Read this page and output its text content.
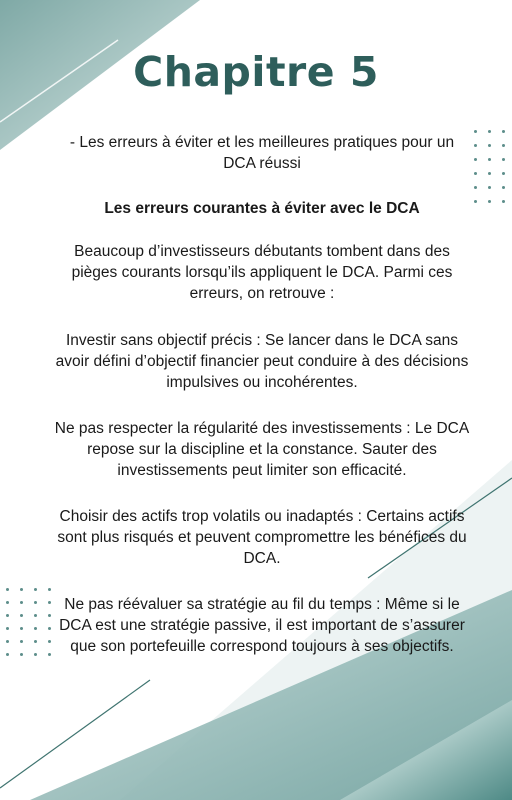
Chapitre 5

- Les erreurs à éviter et les meilleures pratiques pour un DCA réussi

Les erreurs courantes à éviter avec le DCA

Beaucoup d’investisseurs débutants tombent dans des pièges courants lorsqu’ils appliquent le DCA. Parmi ces erreurs, on retrouve :

Investir sans objectif précis : Se lancer dans le DCA sans avoir défini d’objectif financier peut conduire à des décisions impulsives ou incohérentes.

Ne pas respecter la régularité des investissements : Le DCA repose sur la discipline et la constance. Sauter des investissements peut limiter son efficacité.

Choisir des actifs trop volatils ou inadaptés : Certains actifs sont plus risqués et peuvent compromettre les bénéfices du DCA.

Ne pas réévaluer sa stratégie au fil du temps : Même si le DCA est une stratégie passive, il est important de s’assurer que son portefeuille correspond toujours à ses objectifs.
